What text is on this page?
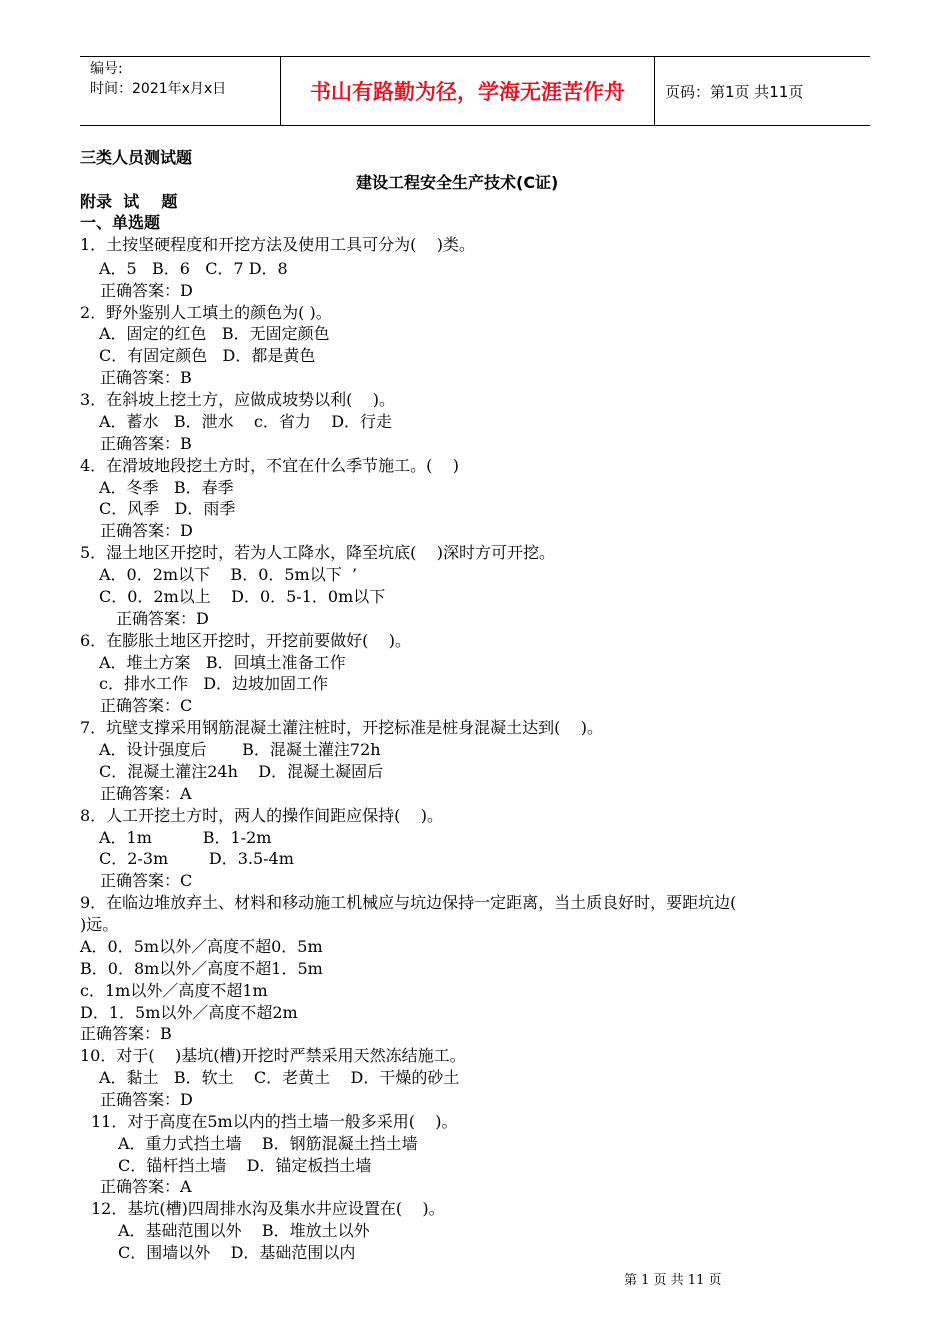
编号:
时间：2021年x月x日	书山有路勤为径，学海无涯苦作舟	页码：第1页 共11页
三类人员测试题
建设工程安全生产技术(C证)
附录  试    题
一、单选题
1．土按坚硬程度和开挖方法及使用工具可分为(    )类。
A．5   B．6   C．7 D．8
正确答案：D
2．野外鉴别人工填土的颜色为( )。
A．固定的红色   B．无固定颜色
C．有固定颜色   D．都是黄色
正确答案：B
3．在斜坡上挖土方，应做成坡势以利(    )。
A．蓄水   B．泄水    c．省力    D．行走
正确答案：B
4．在滑坡地段挖土方时，不宜在什么季节施工。(    )
A．冬季   B．春季
C．风季   D．雨季
正确答案：D
5．湿土地区开挖时，若为人工降水，降至坑底(    )深时方可开挖。
A．0．2m以下    B．0．5m以下  ’
C．0．2m以上    D．0．5-1．0m以下
正确答案：D
6．在膨胀土地区开挖时，开挖前要做好(    )。
A．堆土方案   B．回填土准备工作
c．排水工作   D．边坡加固工作
正确答案：C
7．坑壁支撑采用钢筋混凝土灌注桩时，开挖标准是桩身混凝土达到(    )。
A．设计强度后       B．混凝土灌注72h
C．混凝土灌注24h    D．混凝土凝固后
正确答案：A
8．人工开挖土方时，两人的操作间距应保持(    )。
A．1m          B．1-2m
C．2-3m        D．3.5-4m
正确答案：C
9．在临边堆放弃土、材料和移动施工机械应与坑边保持一定距离，当土质良好时，要距坑边(
)远。
A．0．5m以外／高度不超0．5m
B．0．8m以外／高度不超1．5m
c．1m以外／高度不超1m
D．1．5m以外／高度不超2m
正确答案：B
10．对于(    )基坑(槽)开挖时严禁采用天然冻结施工。
A．黏土   B．软土    C．老黄土    D．干燥的砂土
正确答案：D
11．对于高度在5m以内的挡土墙一般多采用(    )。
A．重力式挡土墙    B．钢筋混凝土挡土墙
C．锚杆挡土墙    D．锚定板挡土墙
正确答案：A
12．基坑(槽)四周排水沟及集水井应设置在(    )。
A．基础范围以外    B．堆放土以外
C．围墙以外    D．基础范围以内
第 1 页 共 11 页
